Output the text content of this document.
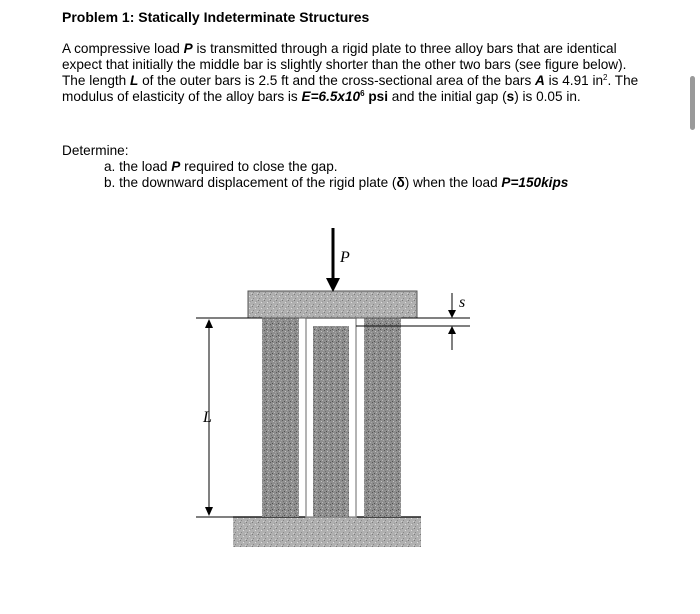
Problem 1: Statically Indeterminate Structures
A compressive load P is transmitted through a rigid plate to three alloy bars that are identical expect that initially the middle bar is slightly shorter than the other two bars (see figure below). The length L of the outer bars is 2.5 ft and the cross-sectional area of the bars A is 4.91 $in^2$. The modulus of elasticity of the alloy bars is $E=6.5x10^6$ psi and the initial gap (s) is 0.05 in.
Determine:
a. the load P required to close the gap.
b. the downward displacement of the rigid plate (δ) when the load P=150kips
P
L
s
